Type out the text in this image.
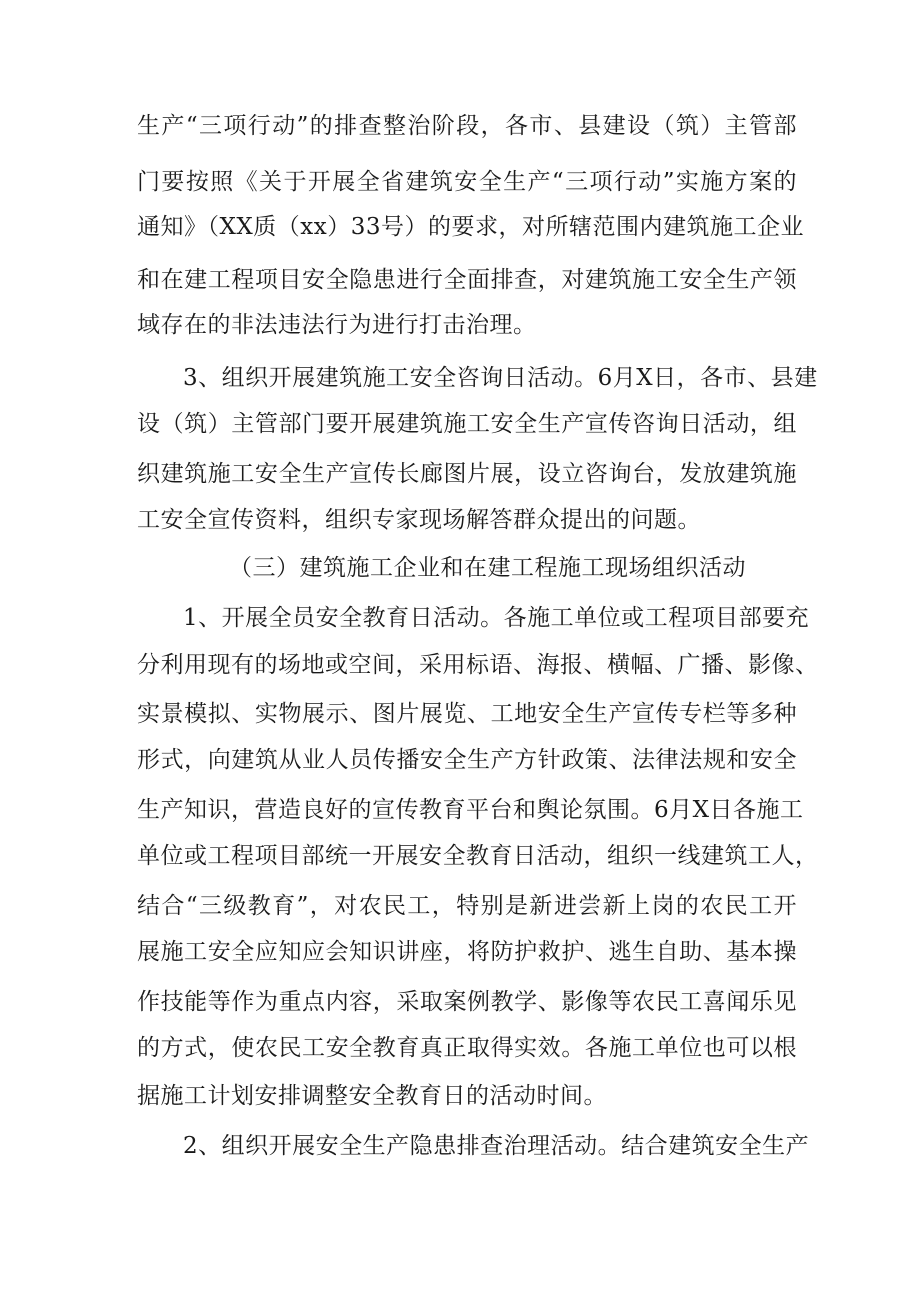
生产“三项行动”的排查整治阶段，各市、县建设（筑）主管部
门要按照《关于开展全省建筑安全生产“三项行动”实施方案的
通知》（XX质（xx）33号）的要求，对所辖范围内建筑施工企业
和在建工程项目安全隐患进行全面排查，对建筑施工安全生产领
域存在的非法违法行为进行打击治理。
3、组织开展建筑施工安全咨询日活动。6月X日，各市、县建
设（筑）主管部门要开展建筑施工安全生产宣传咨询日活动，组
织建筑施工安全生产宣传长廊图片展，设立咨询台，发放建筑施
工安全宣传资料，组织专家现场解答群众提出的问题。
（三）建筑施工企业和在建工程施工现场组织活动
1、开展全员安全教育日活动。各施工单位或工程项目部要充
分利用现有的场地或空间，采用标语、海报、横幅、广播、影像、
实景模拟、实物展示、图片展览、工地安全生产宣传专栏等多种
形式，向建筑从业人员传播安全生产方针政策、法律法规和安全
生产知识，营造良好的宣传教育平台和舆论氛围。6月X日各施工
单位或工程项目部统一开展安全教育日活动，组织一线建筑工人，
结合“三级教育”，对农民工，特别是新进尝新上岗的农民工开
展施工安全应知应会知识讲座，将防护救护、逃生自助、基本操
作技能等作为重点内容，采取案例教学、影像等农民工喜闻乐见
的方式，使农民工安全教育真正取得实效。各施工单位也可以根
据施工计划安排调整安全教育日的活动时间。
2、组织开展安全生产隐患排查治理活动。结合建筑安全生产
